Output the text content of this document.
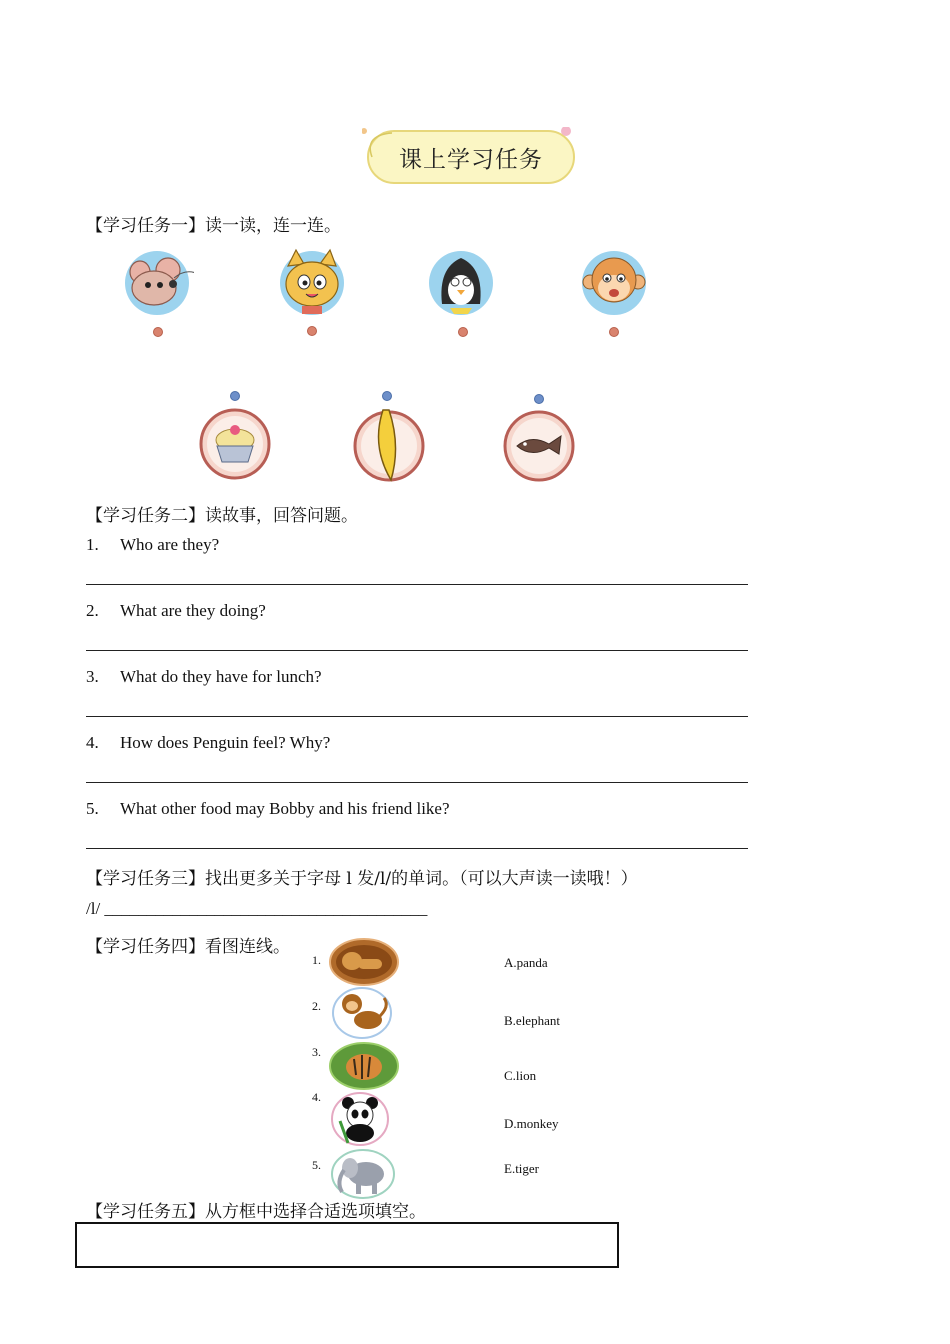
课上学习任务
【学习任务一】读一读，连一连。
【学习任务二】读故事，回答问题。
1. Who are they?
2. What are they doing?
3. What do they have for lunch?
4. How does Penguin feel? Why?
5. What other food may Bobby and his friend like?
【学习任务三】找出更多关于字母 l 发/l/的单词。（可以大声读一读哦！）
/l/ ______________________________________
【学习任务四】看图连线。
1.
2.
3.
4.
5.
A.panda
B.elephant
C.lion
D.monkey
E.tiger
【学习任务五】从方框中选择合适选项填空。
